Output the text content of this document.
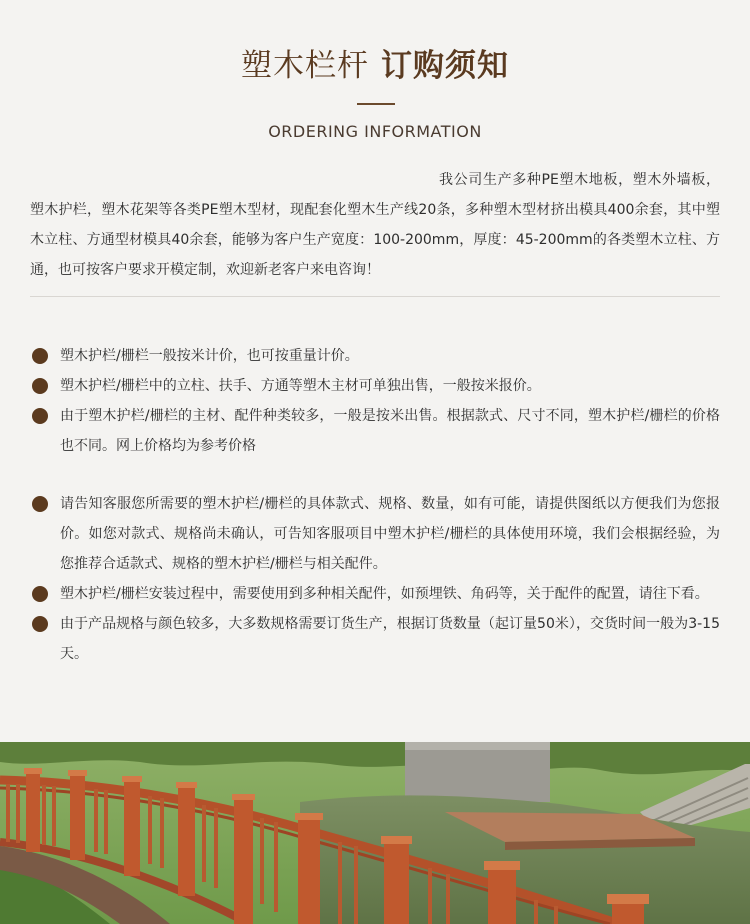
塑木栏杆 订购须知
ORDERING INFORMATION

我公司生产多种PE塑木地板，塑木外墙板，塑木护栏，塑木花架等各类PE塑木型材，现配套化塑木生产线20条，多种塑木型材挤出模具400余套，其中塑木立柱、方通型材模具40余套，能够为客户生产宽度：100-200mm，厚度：45-200mm的各类塑木立柱、方通，也可按客户要求开模定制，欢迎新老客户来电咨询！

塑木护栏/栅栏一般按米计价，也可按重量计价。
塑木护栏/栅栏中的立柱、扶手、方通等塑木主材可单独出售，一般按米报价。
由于塑木护栏/栅栏的主材、配件种类较多，一般是按米出售。根据款式、尺寸不同，塑木护栏/栅栏的价格也不同。网上价格均为参考价格
请告知客服您所需要的塑木护栏/栅栏的具体款式、规格、数量，如有可能，请提供图纸以方便我们为您报价。如您对款式、规格尚未确认，可告知客服项目中塑木护栏/栅栏的具体使用环境，我们会根据经验，为您推荐合适款式、规格的塑木护栏/栅栏与相关配件。
塑木护栏/栅栏安装过程中，需要使用到多种相关配件，如预埋铁、角码等，关于配件的配置，请往下看。
由于产品规格与颜色较多，大多数规格需要订货生产，根据订货数量（起订量50米），交货时间一般为3-15天。
